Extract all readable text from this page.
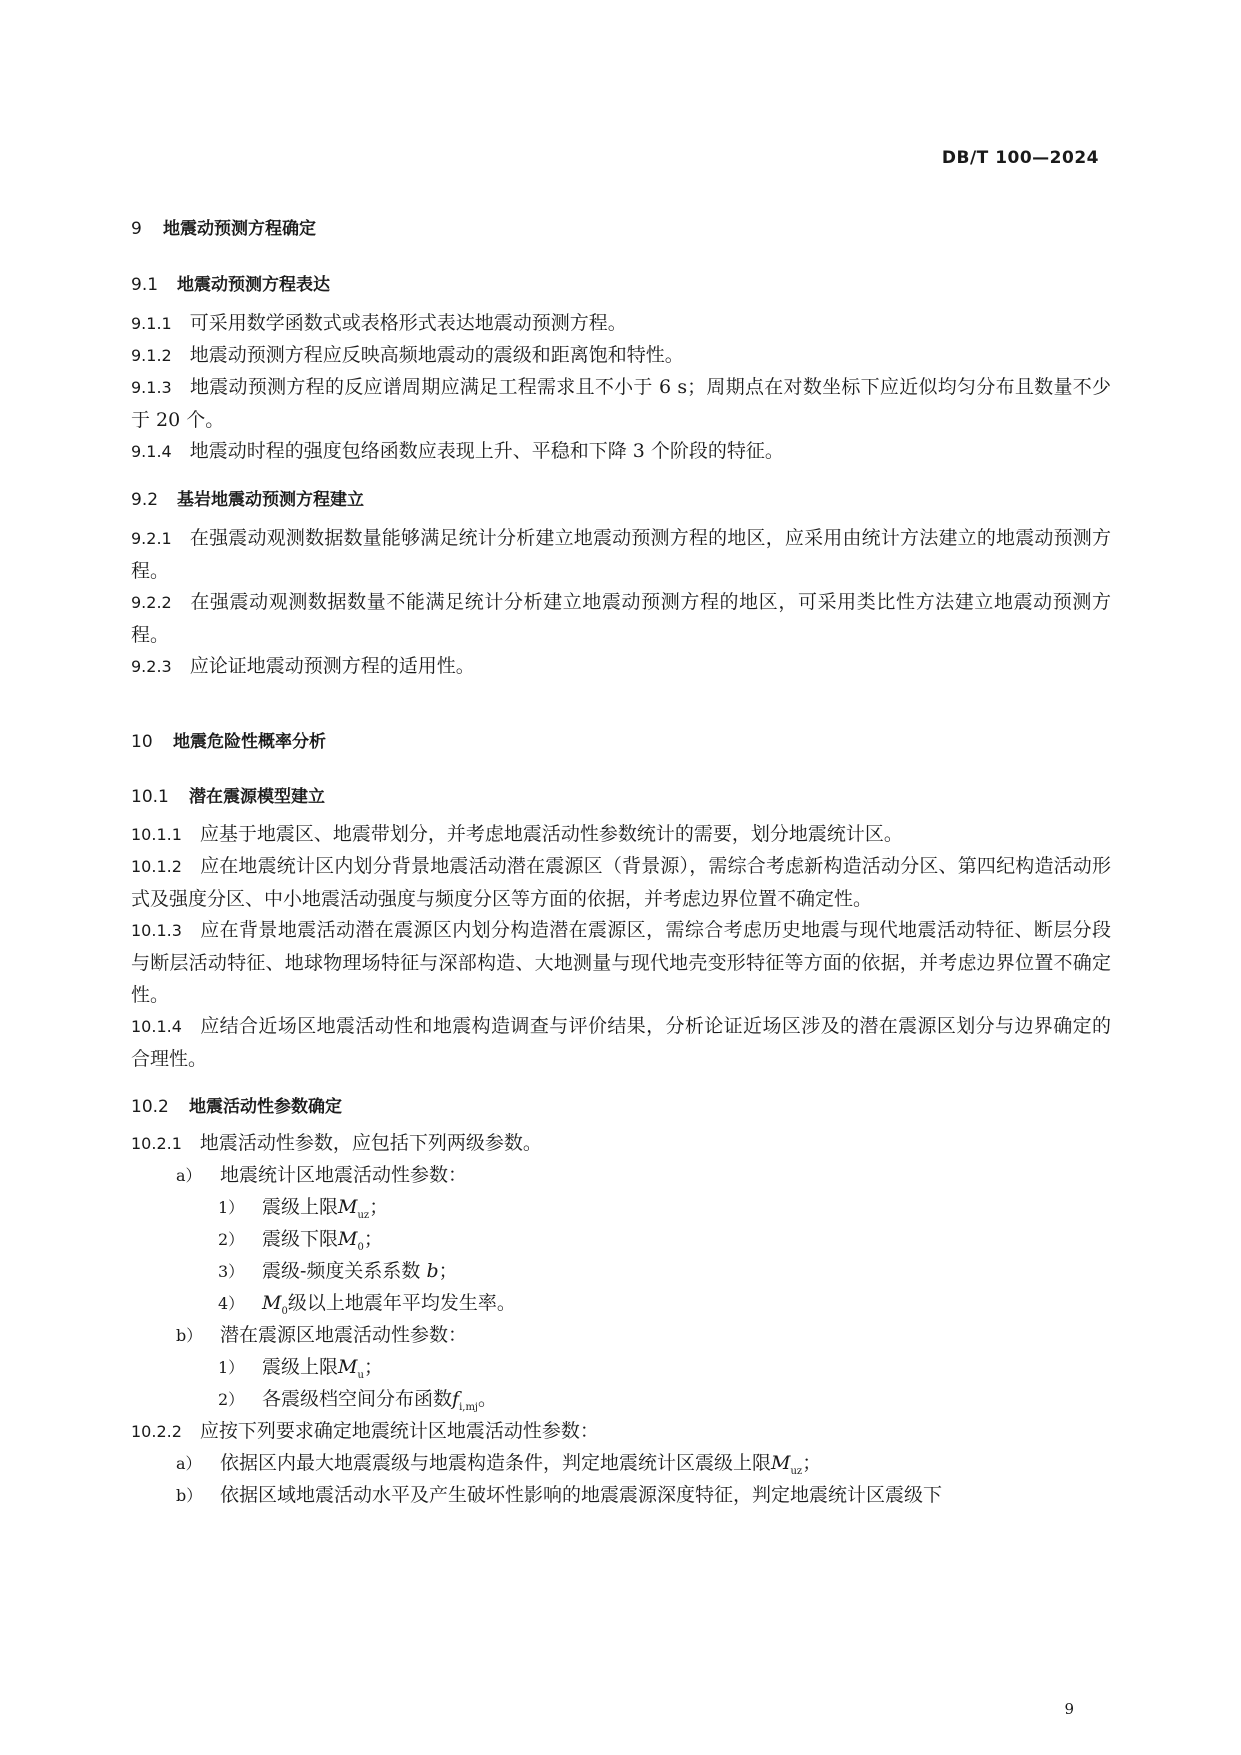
DB/T 100—2024
9 地震动预测方程确定
9.1 地震动预测方程表达
9.1.1 可采用数学函数式或表格形式表达地震动预测方程。
9.1.2 地震动预测方程应反映高频地震动的震级和距离饱和特性。
9.1.3 地震动预测方程的反应谱周期应满足工程需求且不小于 6 s；周期点在对数坐标下应近似均匀分布且数量不少于 20 个。
9.1.4 地震动时程的强度包络函数应表现上升、平稳和下降 3 个阶段的特征。
9.2 基岩地震动预测方程建立
9.2.1 在强震动观测数据数量能够满足统计分析建立地震动预测方程的地区，应采用由统计方法建立的地震动预测方程。
9.2.2 在强震动观测数据数量不能满足统计分析建立地震动预测方程的地区，可采用类比性方法建立地震动预测方程。
9.2.3 应论证地震动预测方程的适用性。
10 地震危险性概率分析
10.1 潜在震源模型建立
10.1.1 应基于地震区、地震带划分，并考虑地震活动性参数统计的需要，划分地震统计区。
10.1.2 应在地震统计区内划分背景地震活动潜在震源区（背景源），需综合考虑新构造活动分区、第四纪构造活动形式及强度分区、中小地震活动强度与频度分区等方面的依据，并考虑边界位置不确定性。
10.1.3 应在背景地震活动潜在震源区内划分构造潜在震源区，需综合考虑历史地震与现代地震活动特征、断层分段与断层活动特征、地球物理场特征与深部构造、大地测量与现代地壳变形特征等方面的依据，并考虑边界位置不确定性。
10.1.4 应结合近场区地震活动性和地震构造调查与评价结果，分析论证近场区涉及的潜在震源区划分与边界确定的合理性。
10.2 地震活动性参数确定
10.2.1 地震活动性参数，应包括下列两级参数。
a） 地震统计区地震活动性参数：
1） 震级上限$M_{uz}$；
2） 震级下限$M_0$；
3） 震级-频度关系系数 b；
4） $M_0$级以上地震年平均发生率。
b） 潜在震源区地震活动性参数：
1） 震级上限$M_u$；
2） 各震级档空间分布函数$f_{i,mj}$。
10.2.2 应按下列要求确定地震统计区地震活动性参数：
a） 依据区内最大地震震级与地震构造条件，判定地震统计区震级上限$M_{uz}$；
b） 依据区域地震活动水平及产生破坏性影响的地震震源深度特征，判定地震统计区震级下
9
